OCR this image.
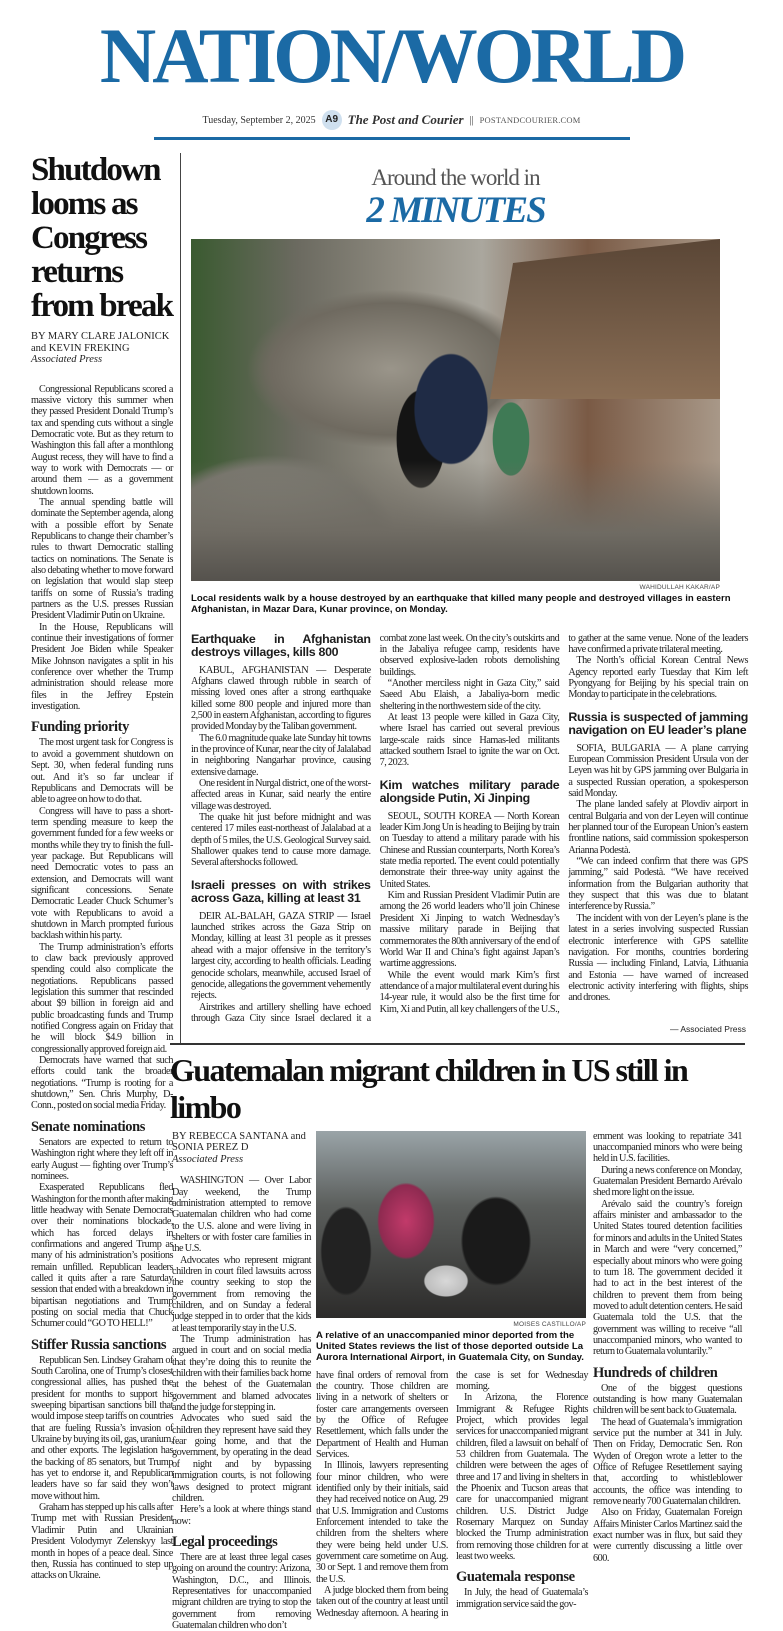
NATION/WORLD
Tuesday, September 2, 2025 A9 The Post and Courier || POSTANDCOURIER.COM
Shutdown looms as Congress returns from break
BY MARY CLARE JALONICK and KEVIN FREKING
Associated Press

Congressional Republicans scored a massive victory this summer when they passed President Donald Trump’s tax and spending cuts without a single Democratic vote. But as they return to Washington this fall after a monthlong August recess, they will have to find a way to work with Democrats — or around them — as a government shutdown looms.

The annual spending battle will dominate the September agenda, along with a possible effort by Senate Republicans to change their chamber’s rules to thwart Democratic stalling tactics on nominations. The Senate is also debating whether to move forward on legislation that would slap steep tariffs on some of Russia’s trading partners as the U.S. presses Russian President Vladimir Putin on Ukraine.

In the House, Republicans will continue their investigations of former President Joe Biden while Speaker Mike Johnson navigates a split in his conference over whether the Trump administration should release more files in the Jeffrey Epstein investigation.

Funding priority

The most urgent task for Congress is to avoid a government shutdown on Sept. 30, when federal funding runs out. And it’s so far unclear if Republicans and Democrats will be able to agree on how to do that.

Congress will have to pass a short-term spending measure to keep the government funded for a few weeks or months while they try to finish the full-year package. But Republicans will need Democratic votes to pass an extension, and Democrats will want significant concessions. Senate Democratic Leader Chuck Schumer’s vote with Republicans to avoid a shutdown in March prompted furious backlash within his party.

The Trump administration’s efforts to claw back previously approved spending could also complicate the negotiations. Republicans passed legislation this summer that rescinded about $9 billion in foreign aid and public broadcasting funds and Trump notified Congress again on Friday that he will block $4.9 billion in congressionally approved foreign aid.

Democrats have warned that such efforts could tank the broader negotiations. “Trump is rooting for a shutdown,” Sen. Chris Murphy, D-Conn., posted on social media Friday.

Senate nominations

Senators are expected to return to Washington right where they left off in early August — fighting over Trump’s nominees.

Exasperated Republicans fled Washington for the month after making little headway with Senate Democrats over their nominations blockade, which has forced delays in confirmations and angered Trump as many of his administration’s positions remain unfilled. Republican leaders called it quits after a rare Saturday session that ended with a breakdown in bipartisan negotiations and Trump posting on social media that Chuck Schumer could “GO TO HELL!”

Stiffer Russia sanctions

Republican Sen. Lindsey Graham of South Carolina, one of Trump’s closest congressional allies, has pushed the president for months to support his sweeping bipartisan sanctions bill that would impose steep tariffs on countries that are fueling Russia’s invasion of Ukraine by buying its oil, gas, uranium, and other exports. The legislation has the backing of 85 senators, but Trump has yet to endorse it, and Republican leaders have so far said they won’t move without him.

Graham has stepped up his calls after Trump met with Russian President Vladimir Putin and Ukrainian President Volodymyr Zelenskyy last month in hopes of a peace deal. Since then, Russia has continued to step up attacks on Ukraine.

Around the world in
2 MINUTES
WAHIDULLAH KAKAR/AP
Local residents walk by a house destroyed by an earthquake that killed many people and destroyed villages in eastern Afghanistan, in Mazar Dara, Kunar province, on Monday.
Earthquake in Afghanistan destroys villages, kills 800

KABUL, AFGHANISTAN — Desperate Afghans clawed through rubble in search of missing loved ones after a strong earthquake killed some 800 people and injured more than 2,500 in eastern Afghanistan, according to figures provided Monday by the Taliban government.

The 6.0 magnitude quake late Sunday hit towns in the province of Kunar, near the city of Jalalabad in neighboring Nangarhar province, causing extensive damage.

One resident in Nurgal district, one of the worst-affected areas in Kunar, said nearly the entire village was destroyed.

The quake hit just before midnight and was centered 17 miles east-northeast of Jalalabad at a depth of 5 miles, the U.S. Geological Survey said. Shallower quakes tend to cause more damage. Several aftershocks followed.

Israeli presses on with strikes across Gaza, killing at least 31

DEIR AL-BALAH, GAZA STRIP — Israel launched strikes across the Gaza Strip on Monday, killing at least 31 people as it presses ahead with a major offensive in the territory’s largest city, according to health officials. Leading genocide scholars, meanwhile, accused Israel of genocide, allegations the government vehemently rejects.

Airstrikes and artillery shelling have echoed through Gaza City since Israel declared it a combat zone last week. On the city’s outskirts and in the Jabaliya refugee camp, residents have observed explosive-laden robots demolishing buildings.

“Another merciless night in Gaza City,” said Saeed Abu Elaish, a Jabaliya-born medic sheltering in the northwestern side of the city.

At least 13 people were killed in Gaza City, where Israel has carried out several previous large-scale raids since Hamas-led militants attacked southern Israel to ignite the war on Oct. 7, 2023.

Kim watches military parade alongside Putin, Xi Jinping

SEOUL, SOUTH KOREA — North Korean leader Kim Jong Un is heading to Beijing by train on Tuesday to attend a military parade with his Chinese and Russian counterparts, North Korea’s state media reported. The event could potentially demonstrate their three-way unity against the United States.

Kim and Russian President Vladimir Putin are among the 26 world leaders who’ll join Chinese President Xi Jinping to watch Wednesday’s massive military parade in Beijing that commemorates the 80th anniversary of the end of World War II and China’s fight against Japan’s wartime aggressions.

While the event would mark Kim’s first attendance of a major multilateral event during his 14-year rule, it would also be the first time for Kim, Xi and Putin, all key challengers of the U.S., to gather at the same venue. None of the leaders have confirmed a private trilateral meeting.

The North’s official Korean Central News Agency reported early Tuesday that Kim left Pyongyang for Beijing by his special train on Monday to participate in the celebrations.

Russia is suspected of jamming navigation on EU leader’s plane

SOFIA, BULGARIA — A plane carrying European Commission President Ursula von der Leyen was hit by GPS jamming over Bulgaria in a suspected Russian operation, a spokesperson said Monday.

The plane landed safely at Plovdiv airport in central Bulgaria and von der Leyen will continue her planned tour of the European Union’s eastern frontline nations, said commission spokesperson Arianna Podestà.

“We can indeed confirm that there was GPS jamming,” said Podestà. “We have received information from the Bulgarian authority that they suspect that this was due to blatant interference by Russia.”

The incident with von der Leyen’s plane is the latest in a series involving suspected Russian electronic interference with GPS satellite navigation. For months, countries bordering Russia — including Finland, Latvia, Lithuania and Estonia — have warned of increased electronic activity interfering with flights, ships and drones.

— Associated Press
Guatemalan migrant children in US still in limbo
BY REBECCA SANTANA and SONIA PEREZ D
Associated Press

WASHINGTON — Over Labor Day weekend, the Trump administration attempted to remove Guatemalan children who had come to the U.S. alone and were living in shelters or with foster care families in the U.S.

Advocates who represent migrant children in court filed lawsuits across the country seeking to stop the government from removing the children, and on Sunday a federal judge stepped in to order that the kids at least temporarily stay in the U.S.

The Trump administration has argued in court and on social media that they’re doing this to reunite the children with their families back home at the behest of the Guatemalan government and blamed advocates and the judge for stepping in.

Advocates who sued said the children they represent have said they fear going home, and that the government, by operating in the dead of night and by bypassing immigration courts, is not following laws designed to protect migrant children.

Here’s a look at where things stand now:

Legal proceedings

There are at least three legal cases going on around the country: Arizona, Washington, D.C., and Illinois. Representatives for unaccompanied migrant children are trying to stop the government from removing Guatemalan children who don’t

MOISES CASTILLO/AP
A relative of an unaccompanied minor deported from the United States reviews the list of those deported outside La Aurora International Airport, in Guatemala City, on Sunday.

have final orders of removal from the country. Those children are living in a network of shelters or foster care arrangements overseen by the Office of Refugee Resettlement, which falls under the Department of Health and Human Services.

In Illinois, lawyers representing four minor children, who were identified only by their initials, said they had received notice on Aug. 29 that U.S. Immigration and Customs Enforcement intended to take the children from the shelters where they were being held under U.S. government care sometime on Aug. 30 or Sept. 1 and remove them from the U.S.

A judge blocked them from being taken out of the country at least until Wednesday afternoon. A hearing in the case is set for Wednesday morning.

In Arizona, the Florence Immigrant & Refugee Rights Project, which provides legal services for unaccompanied migrant children, filed a lawsuit on behalf of 53 children from Guatemala. The children were between the ages of three and 17 and living in shelters in the Phoenix and Tucson areas that care for unaccompanied migrant children. U.S. District Judge Rosemary Marquez on Sunday blocked the Trump administration from removing those children for at least two weeks.

Guatemala response

In July, the head of Guatemala’s immigration service said the gov-

ernment was looking to repatriate 341 unaccompanied minors who were being held in U.S. facilities.

During a news conference on Monday, Guatemalan President Bernardo Arévalo shed more light on the issue.

Arévalo said the country’s foreign affairs minister and ambassador to the United States toured detention facilities for minors and adults in the United States in March and were “very concerned,” especially about minors who were going to turn 18. The government decided it had to act in the best interest of the children to prevent them from being moved to adult detention centers. He said Guatemala told the U.S. that the government was willing to receive “all unaccompanied minors, who wanted to return to Guatemala voluntarily.”

Hundreds of children

One of the biggest questions outstanding is how many Guatemalan children will be sent back to Guatemala.

The head of Guatemala’s immigration service put the number at 341 in July. Then on Friday, Democratic Sen. Ron Wyden of Oregon wrote a letter to the Office of Refugee Resettlement saying that, according to whistleblower accounts, the office was intending to remove nearly 700 Guatemalan children.

Also on Friday, Guatemalan Foreign Affairs Minister Carlos Martinez said the exact number was in flux, but said they were currently discussing a little over 600.
